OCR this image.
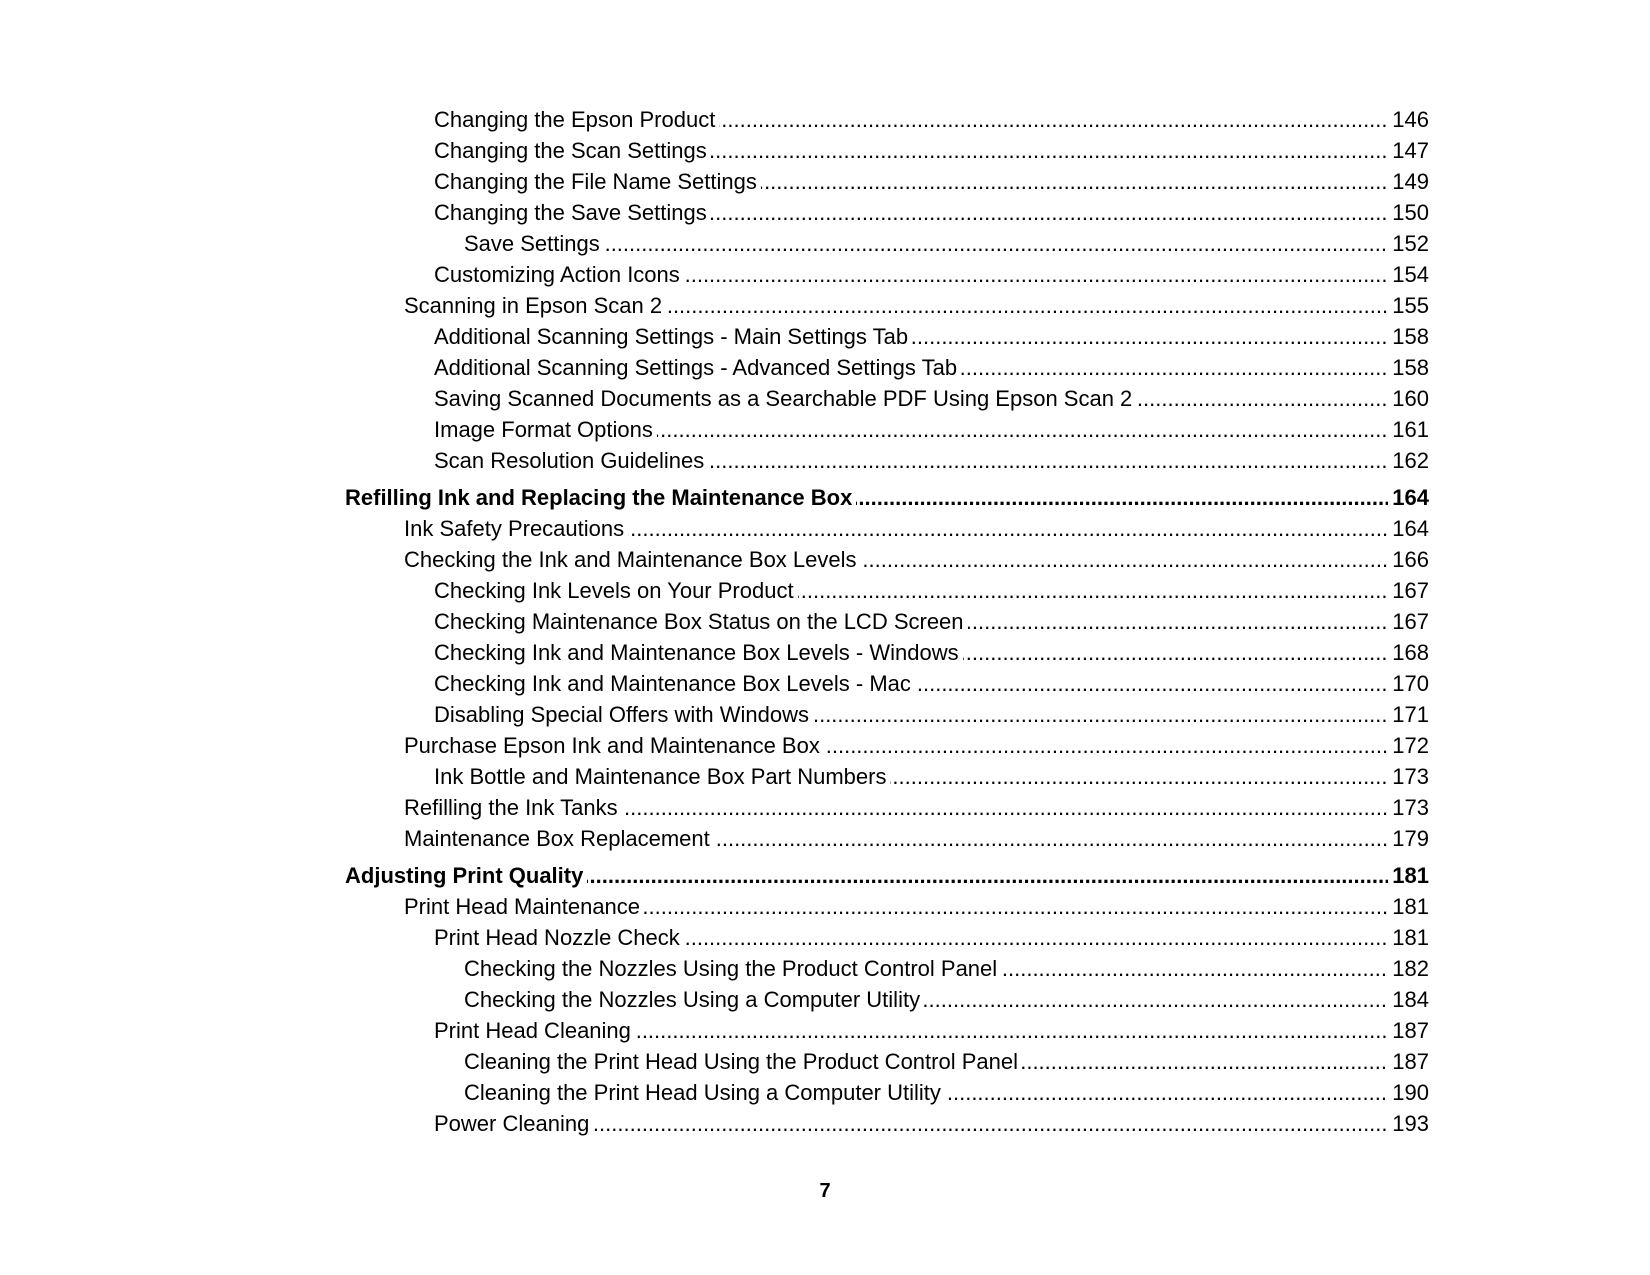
.....
Changing the Epson Product	146
.....
Changing the Scan Settings	147
.....
Changing the File Name Settings	149
.....
Changing the Save Settings	150
.....
Save Settings	152
.....
Customizing Action Icons	154
.....
Scanning in Epson Scan 2	155
.....
Additional Scanning Settings - Main Settings Tab	158
.....
Additional Scanning Settings - Advanced Settings Tab	158
.....
Saving Scanned Documents as a Searchable PDF Using Epson Scan 2	160
.....
Image Format Options	161
.....
Scan Resolution Guidelines	162
.....
Refilling Ink and Replacing the Maintenance Box	164
.....
Ink Safety Precautions	164
.....
Checking the Ink and Maintenance Box Levels	166
.....
Checking Ink Levels on Your Product	167
.....
Checking Maintenance Box Status on the LCD Screen	167
.....
Checking Ink and Maintenance Box Levels - Windows	168
.....
Checking Ink and Maintenance Box Levels - Mac	170
.....
Disabling Special Offers with Windows	171
.....
Purchase Epson Ink and Maintenance Box	172
.....
Ink Bottle and Maintenance Box Part Numbers	173
.....
Refilling the Ink Tanks	173
.....
Maintenance Box Replacement	179
.....
Adjusting Print Quality	181
.....
Print Head Maintenance	181
.....
Print Head Nozzle Check	181
.....
Checking the Nozzles Using the Product Control Panel	182
.....
Checking the Nozzles Using a Computer Utility	184
.....
Print Head Cleaning	187
.....
Cleaning the Print Head Using the Product Control Panel	187
.....
Cleaning the Print Head Using a Computer Utility	190
.....
Power Cleaning	193
7
